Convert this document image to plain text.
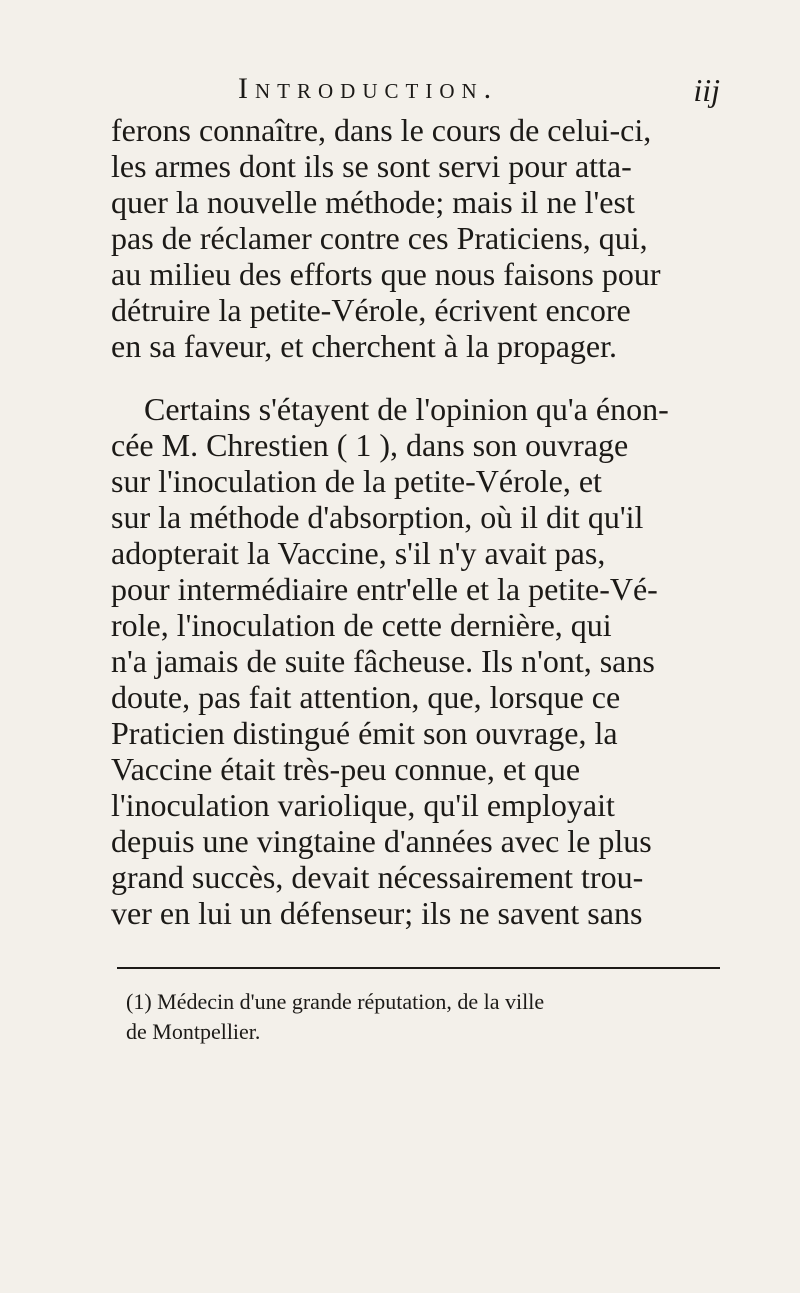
Introduction.	iij
ferons connaître, dans le cours de celui-ci,
les armes dont ils se sont servi pour atta-
quer la nouvelle méthode; mais il ne l'est
pas de réclamer contre ces Praticiens, qui,
au milieu des efforts que nous faisons pour
détruire la petite-Vérole, écrivent encore
en sa faveur, et cherchent à la propager.
Certains s'étayent de l'opinion qu'a énon-
cée M. Chrestien ( 1 ), dans son ouvrage
sur l'inoculation de la petite-Vérole, et
sur la méthode d'absorption, où il dit qu'il
adopterait la Vaccine, s'il n'y avait pas,
pour intermédiaire entr'elle et la petite-Vé-
role, l'inoculation de cette dernière, qui
n'a jamais de suite fâcheuse. Ils n'ont, sans
doute, pas fait attention, que, lorsque ce
Praticien distingué émit son ouvrage, la
Vaccine était très-peu connue, et que
l'inoculation variolique, qu'il employait
depuis une vingtaine d'années avec le plus
grand succès, devait nécessairement trou-
ver en lui un défenseur; ils ne savent sans
(1) Médecin d'une grande réputation, de la ville
de Montpellier.
